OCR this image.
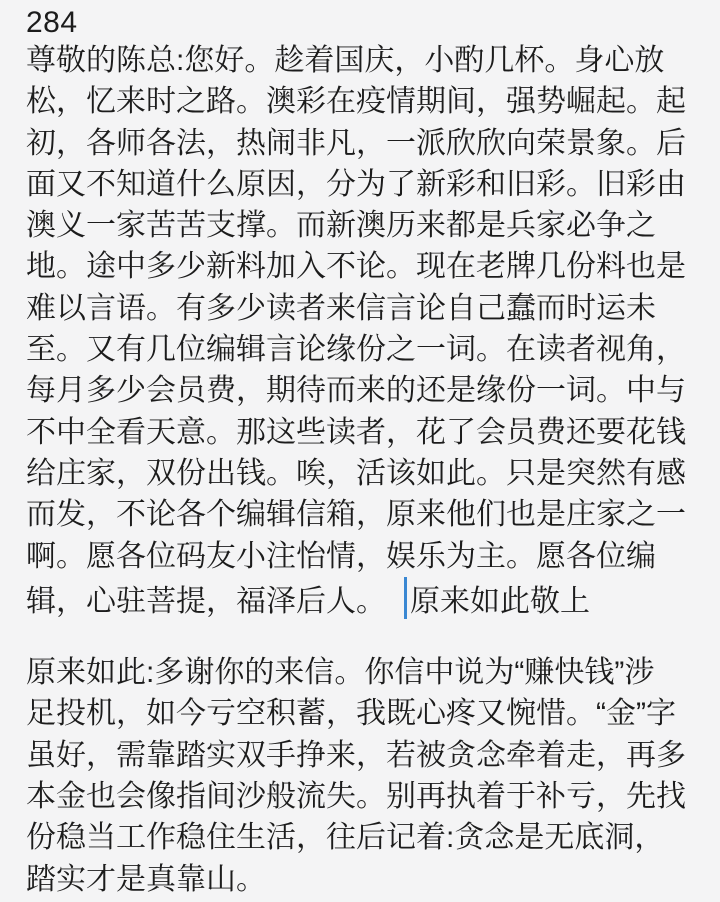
284
尊敬的陈总:您好。趁着国庆，小酌几杯。身心放
松，忆来时之路。澳彩在疫情期间，强势崛起。起
初，各师各法，热闹非凡，一派欣欣向荣景象。后
面又不知道什么原因，分为了新彩和旧彩。旧彩由
澳义一家苦苦支撑。而新澳历来都是兵家必争之
地。途中多少新料加入不论。现在老牌几份料也是
难以言语。有多少读者来信言论自己蠢而时运未
至。又有几位编辑言论缘份之一词。在读者视角，
每月多少会员费，期待而来的还是缘份一词。中与
不中全看天意。那这些读者，花了会员费还要花钱
给庄家，双份出钱。唉，活该如此。只是突然有感
而发，不论各个编辑信箱，原来他们也是庄家之一
啊。愿各位码友小注怡情，娱乐为主。愿各位编
辑，心驻菩提，福泽后人。 原来如此敬上
原来如此:多谢你的来信。你信中说为“赚快钱”涉
足投机，如今亏空积蓄，我既心疼又惋惜。“金”字
虽好，需靠踏实双手挣来，若被贪念牵着走，再多
本金也会像指间沙般流失。别再执着于补亏，先找
份稳当工作稳住生活，往后记着:贪念是无底洞，
踏实才是真靠山。
